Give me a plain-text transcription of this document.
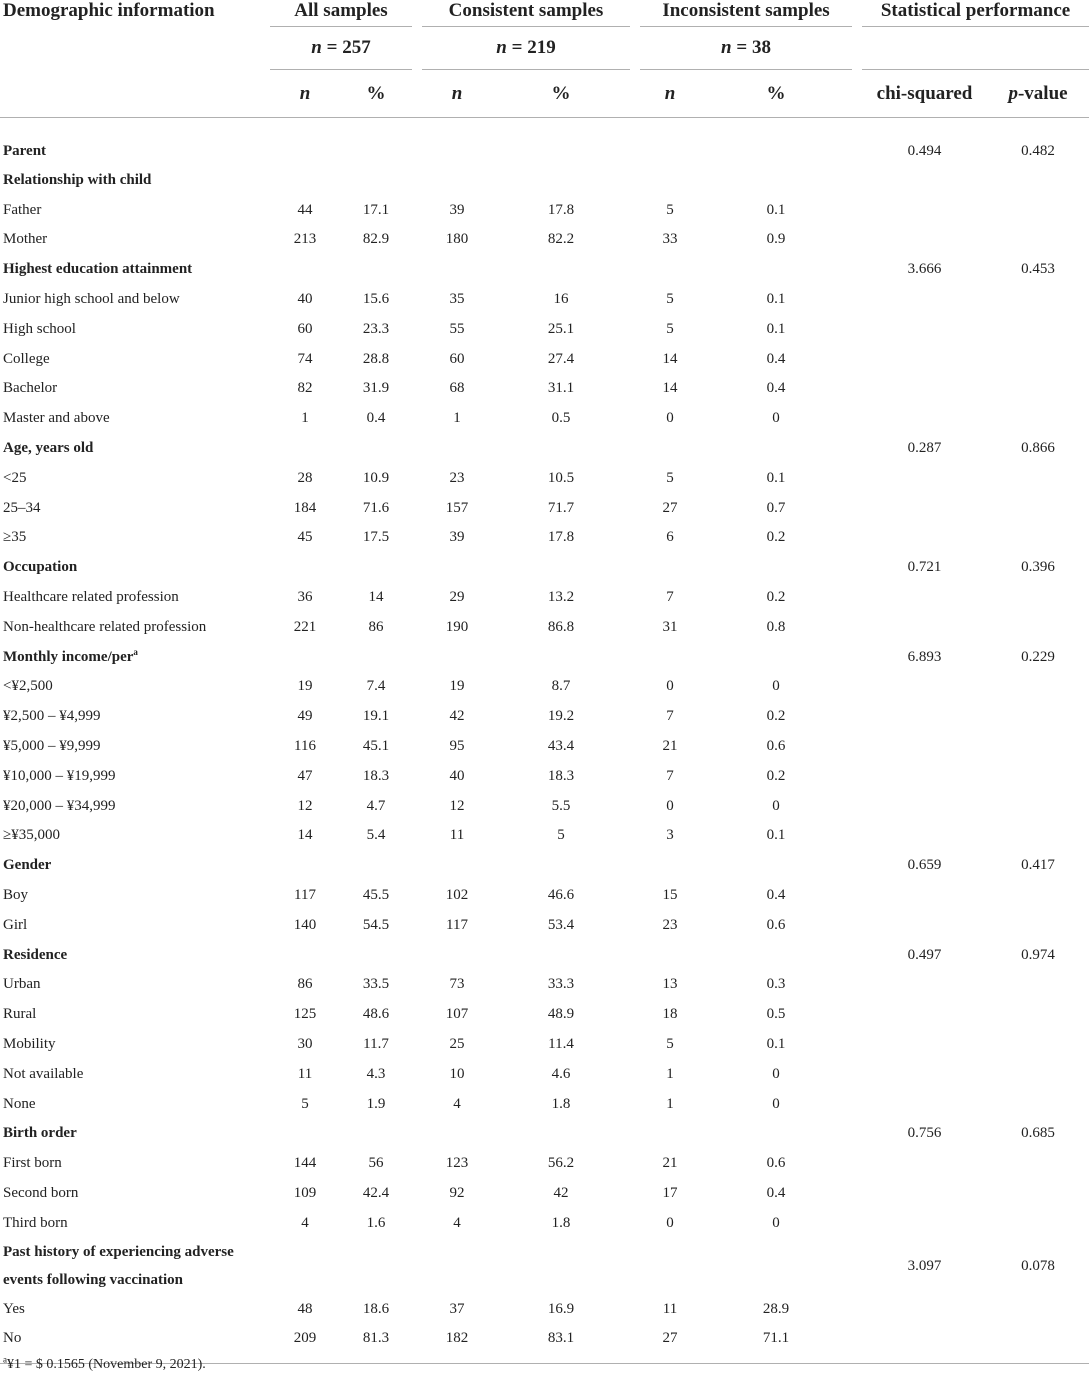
Demographic information	All samples			Consistent samples			Inconsistent samples			Statistical performance	
	n = 257			n = 219			n = 38				
	n	%		n	%		n	%		chi-squared	p-value
Parent										0.494	0.482
Relationship with child											
Father	44	17.1		39	17.8		5	0.1			
Mother	213	82.9		180	82.2		33	0.9			
Highest education attainment										3.666	0.453
Junior high school and below	40	15.6		35	16		5	0.1			
High school	60	23.3		55	25.1		5	0.1			
College	74	28.8		60	27.4		14	0.4			
Bachelor	82	31.9		68	31.1		14	0.4			
Master and above	1	0.4		1	0.5		0	0			
Age, years old										0.287	0.866
<25	28	10.9		23	10.5		5	0.1			
25–34	184	71.6		157	71.7		27	0.7			
≥35	45	17.5		39	17.8		6	0.2			
Occupation										0.721	0.396
Healthcare related profession	36	14		29	13.2		7	0.2			
Non-healthcare related profession	221	86		190	86.8		31	0.8			
Monthly income/per$^a$										6.893	0.229
<¥2,500	19	7.4		19	8.7		0	0			
¥2,500 – ¥4,999	49	19.1		42	19.2		7	0.2			
¥5,000 – ¥9,999	116	45.1		95	43.4		21	0.6			
¥10,000 – ¥19,999	47	18.3		40	18.3		7	0.2			
¥20,000 – ¥34,999	12	4.7		12	5.5		0	0			
≥¥35,000	14	5.4		11	5		3	0.1			
Gender										0.659	0.417
Boy	117	45.5		102	46.6		15	0.4			
Girl	140	54.5		117	53.4		23	0.6			
Residence										0.497	0.974
Urban	86	33.5		73	33.3		13	0.3			
Rural	125	48.6		107	48.9		18	0.5			
Mobility	30	11.7		25	11.4		5	0.1			
Not available	11	4.3		10	4.6		1	0			
None	5	1.9		4	1.8		1	0			
Birth order										0.756	0.685
First born	144	56		123	56.2		21	0.6			
Second born	109	42.4		92	42		17	0.4			
Third born	4	1.6		4	1.8		0	0			
Past history of experiencing adverse events following vaccination										3.097	0.078
Yes	48	18.6		37	16.9		11	28.9			
No	209	81.3		182	83.1		27	71.1			
$^a$¥1 = $ 0.1565 (November 9, 2021).
